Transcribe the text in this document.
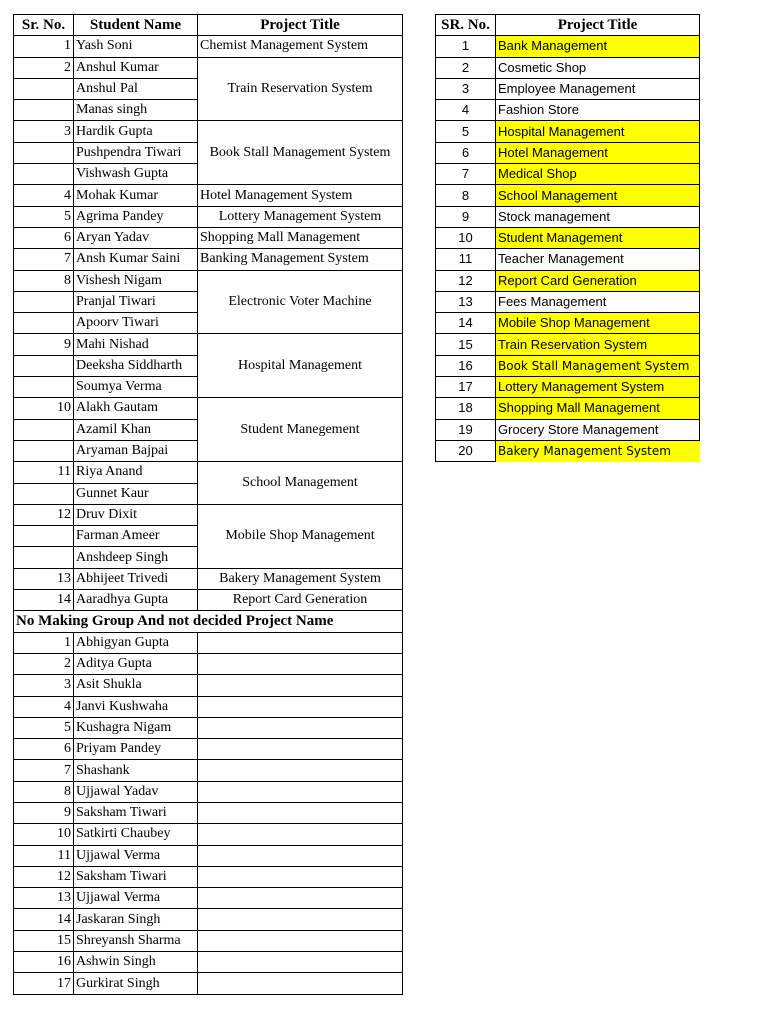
Sr. No.	Student Name	Project Title
1	Yash Soni	Chemist Management System
2	Anshul Kumar	Train Reservation System
	Anshul Pal	
	Manas singh	
3	Hardik Gupta	Book Stall Management System
	Pushpendra Tiwari	
	Vishwash Gupta	
4	Mohak Kumar	Hotel Management System
5	Agrima Pandey	Lottery Management System
6	Aryan Yadav	Shopping Mall Management
7	Ansh Kumar Saini	Banking Management System
8	Vishesh Nigam	Electronic Voter Machine
	Pranjal Tiwari	
	Apoorv Tiwari	
9	Mahi Nishad	Hospital Management
	Deeksha Siddharth	
	Soumya Verma	
10	Alakh Gautam	Student Manegement
	Azamil Khan	
	Aryaman Bajpai	
11	Riya Anand	School Management
	Gunnet Kaur	
12	Druv Dixit	Mobile Shop Management
	Farman Ameer	
	Anshdeep Singh	
13	Abhijeet Trivedi	Bakery Management System
14	Aaradhya Gupta	Report Card Generation
No Making Group And not decided Project Name		
1	Abhigyan Gupta	
2	Aditya Gupta	
3	Asit Shukla	
4	Janvi Kushwaha	
5	Kushagra Nigam	
6	Priyam Pandey	
7	Shashank	
8	Ujjawal Yadav	
9	Saksham Tiwari	
10	Satkirti Chaubey	
11	Ujjawal Verma	
12	Saksham Tiwari	
13	Ujjawal Verma	
14	Jaskaran Singh	
15	Shreyansh Sharma	
16	Ashwin Singh	
17	Gurkirat Singh	
SR. No.	Project Title
1	Bank Management
2	Cosmetic Shop
3	Employee Management
4	Fashion Store
5	Hospital Management
6	Hotel Management
7	Medical Shop
8	School Management
9	Stock management
10	Student Management
11	Teacher Management
12	Report Card Generation
13	Fees Management
14	Mobile Shop Management
15	Train Reservation System
16	Book Stall Management System
17	Lottery Management System
18	Shopping Mall Management
19	Grocery Store Management
20	Bakery Management System
